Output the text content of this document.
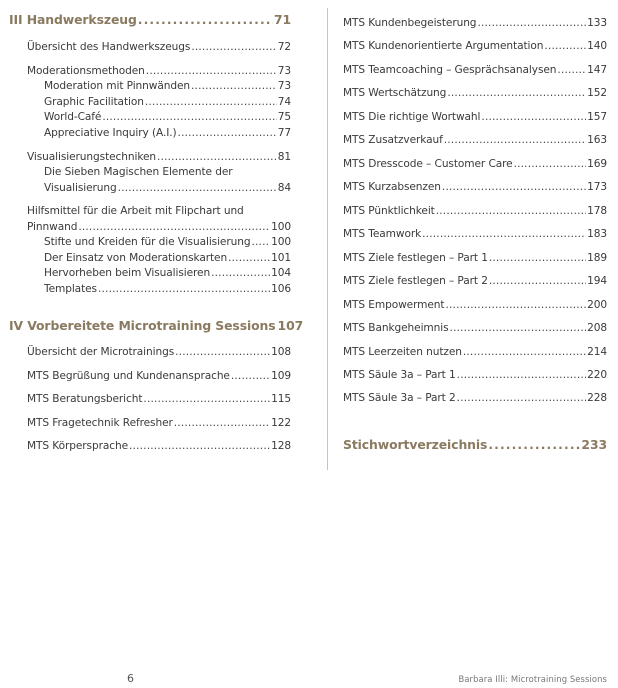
III Handwerkszeug . . .	71
Übersicht des Handwerkszeugs . . .	72
Moderationsmethoden . . .	73
Moderation mit Pinnwänden . . .	73
Graphic Facilitation . . .	74
World-Café . . .	75
Appreciative Inquiry (A.I.) . . .	77
Visualisierungstechniken . . .	81
Die Sieben Magischen Elemente der
Visualisierung . . .	84
Hilfsmittel für die Arbeit mit Flipchart und
Pinnwand . . .	100
Stifte und Kreiden für die Visualisierung . . . 100
Der Einsatz von Moderationskarten . . .	101
Hervorheben beim Visualisieren . . .	104
Templates . . .	106
IV Vorbereitete Microtraining Sessions 107
Übersicht der Microtrainings . . .	108
MTS Begrüßung und Kundenansprache . . .	109
MTS Beratungsbericht . . .	115
MTS Fragetechnik Refresher . . .	122
MTS Körpersprache . . .	128
MTS Kundenbegeisterung . . .	133
MTS Kundenorientierte Argumentation . . .	140
MTS Teamcoaching – Gesprächsanalysen . . .	147
MTS Wertschätzung . . .	152
MTS Die richtige Wortwahl . . .	157
MTS Zusatzverkauf . . .	163
MTS Dresscode – Customer Care . . .	169
MTS Kurzabsenzen . . .	173
MTS Pünktlichkeit . . .	178
MTS Teamwork . . .	183
MTS Ziele festlegen – Part 1 . . .	189
MTS Ziele festlegen – Part 2 . . .	194
MTS Empowerment . . .	200
MTS Bankgeheimnis . . .	208
MTS Leerzeiten nutzen . . .	214
MTS Säule 3a – Part 1 . . .	220
MTS Säule 3a – Part 2 . . .	228
Stichwortverzeichnis . . .	233
6	Barbara Illi: Microtraining Sessions
